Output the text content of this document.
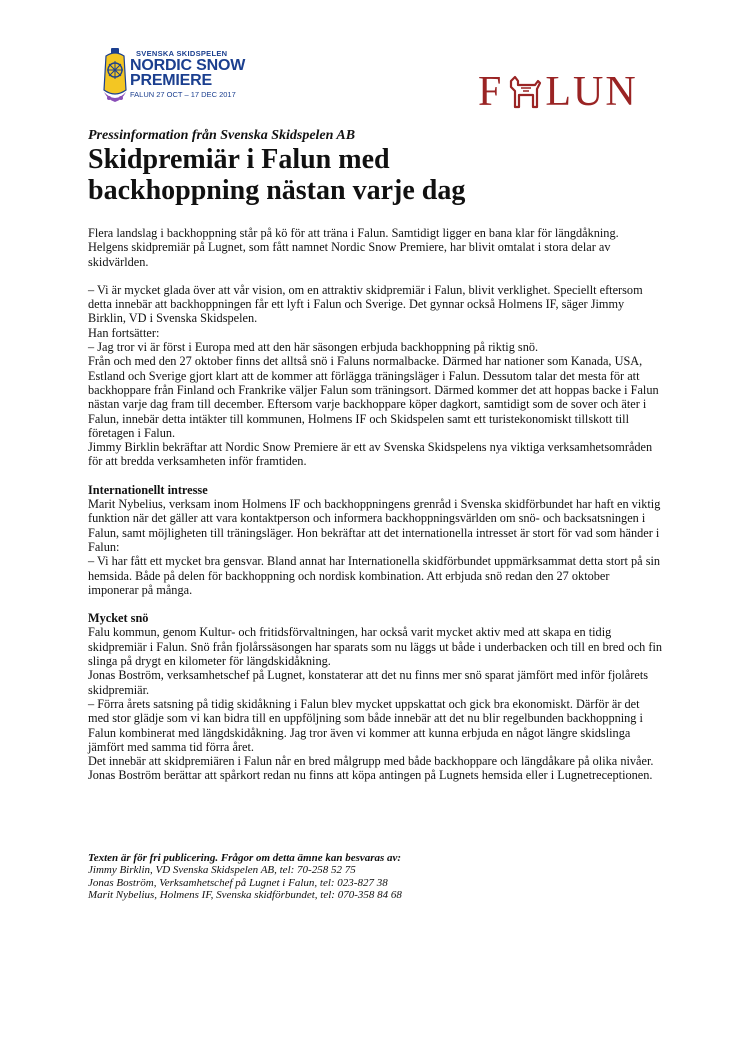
SVENSKA SKIDSPELEN
NORDIC SNOW
PREMIERE
FALUN 27 OCT – 17 DEC 2017	F LUN
Pressinformation från Svenska Skidspelen AB
Skidpremiär i Falun med
backhoppning nästan varje dag

Flera landslag i backhoppning står på kö för att träna i Falun. Samtidigt ligger en bana klar för längdåkning.

Helgens skidpremiär på Lugnet, som fått namnet Nordic Snow Premiere, har blivit omtalat i stora delar av skidvärlden.

– Vi är mycket glada över att vår vision, om en attraktiv skidpremiär i Falun, blivit verklighet. Speciellt eftersom detta innebär att backhoppningen får ett lyft i Falun och Sverige. Det gynnar också Holmens IF, säger Jimmy Birklin, VD i Svenska Skidspelen.

Han fortsätter:

– Jag tror vi är först i Europa med att den här säsongen erbjuda backhoppning på riktig snö.

Från och med den 27 oktober finns det alltså snö i Faluns normalbacke. Därmed har nationer som Kanada, USA, Estland och Sverige gjort klart att de kommer att förlägga träningsläger i Falun. Dessutom talar det mesta för att backhoppare från Finland och Frankrike väljer Falun som träningsort. Därmed kommer det att hoppas backe i Falun nästan varje dag fram till december. Eftersom varje backhoppare köper dagkort, samtidigt som de sover och äter i Falun, innebär detta intäkter till kommunen, Holmens IF och Skidspelen samt ett turistekonomiskt tillskott till företagen i Falun.

Jimmy Birklin bekräftar att Nordic Snow Premiere är ett av Svenska Skidspelens nya viktiga verksamhetsområden för att bredda verksamheten inför framtiden.

Internationellt intresse

Marit Nybelius, verksam inom Holmens IF och backhoppningens grenråd i Svenska skidförbundet har haft en viktig funktion när det gäller att vara kontaktperson och informera backhoppningsvärlden om snö- och backsatsningen i Falun, samt möjligheten till träningsläger. Hon bekräftar att det internationella intresset är stort för vad som händer i Falun:

– Vi har fått ett mycket bra gensvar. Bland annat har Internationella skidförbundet uppmärksammat detta stort på sin hemsida. Både på delen för backhoppning och nordisk kombination. Att erbjuda snö redan den 27 oktober imponerar på många.

Mycket snö

Falu kommun, genom Kultur- och fritidsförvaltningen, har också varit mycket aktiv med att skapa en tidig skidpremiär i Falun. Snö från fjolårssäsongen har sparats som nu läggs ut både i underbacken och till en bred och fin slinga på drygt en kilometer för längdskidåkning.

Jonas Boström, verksamhetschef på Lugnet, konstaterar att det nu finns mer snö sparat jämfört med inför fjolårets skidpremiär.

– Förra årets satsning på tidig skidåkning i Falun blev mycket uppskattat och gick bra ekonomiskt. Därför är det med stor glädje som vi kan bidra till en uppföljning som både innebär att det nu blir regelbunden backhoppning i Falun kombinerat med längdskidåkning. Jag tror även vi kommer att kunna erbjuda en något längre skidslinga jämfört med samma tid förra året.

Det innebär att skidpremiären i Falun når en bred målgrupp med både backhoppare och längdåkare på olika nivåer. Jonas Boström berättar att spårkort redan nu finns att köpa antingen på Lugnets hemsida eller i Lugnetreceptionen.

Texten är för fri publicering. Frågor om detta ämne kan besvaras av:

Jimmy Birklin, VD Svenska Skidspelen AB, tel: 70-258 52 75

Jonas Boström, Verksamhetschef på Lugnet i Falun, tel: 023-827 38

Marit Nybelius, Holmens IF, Svenska skidförbundet, tel: 070-358 84 68
